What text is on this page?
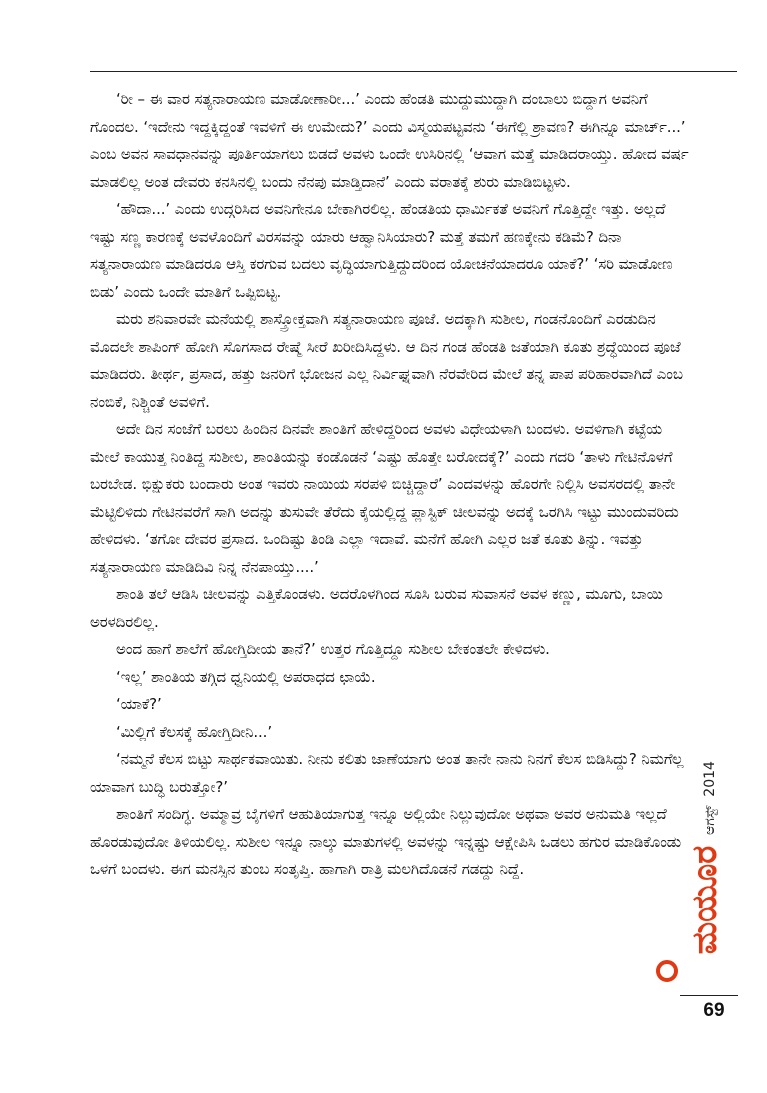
‘ರೀ – ಈ ವಾರ ಸತ್ಯನಾರಾಯಣ ಮಾಡೋಣಾರೀ...’ ಎಂದು ಹೆಂಡತಿ ಮುದ್ದುಮುದ್ದಾಗಿ ದಂಬಾಲು ಬಿದ್ದಾಗ ಅವನಿಗೆ ಗೊಂದಲ. ‘ಇದೇನು ಇದ್ದಕ್ಕಿದ್ದಂತೆ ಇವಳಿಗೆ ಈ ಉಮೇದು?’ ಎಂದು ವಿಸ್ಮಯಪಟ್ಟವನು ‘ಈಗೆಲ್ಲಿ ಶ್ರಾವಣ? ಈಗಿನ್ನೂ ಮಾರ್ಚ್...’ ಎಂಬ ಅವನ ಸಾವಧಾನವನ್ನು ಪೂರ್ತಿಯಾಗಲು ಬಿಡದೆ ಅವಳು ಒಂದೇ ಉಸಿರಿನಲ್ಲಿ ‘ಆವಾಗ ಮತ್ತೆ ಮಾಡಿದರಾಯ್ತು. ಹೋದ ವರ್ಷ ಮಾಡಲಿಲ್ಲ ಅಂತ ದೇವರು ಕನಸಿನಲ್ಲಿ ಬಂದು ನೆನಪು ಮಾಡ್ತಿದಾನೆ’ ಎಂದು ವರಾತಕ್ಕೆ ಶುರು ಮಾಡಿಬಿಟ್ಟಳು.

‘ಹೌದಾ...’ ಎಂದು ಉದ್ಗರಿಸಿದ ಅವನಿಗೇನೂ ಬೇಕಾಗಿರಲಿಲ್ಲ. ಹೆಂಡತಿಯ ಧಾರ್ಮಿಕತೆ ಅವನಿಗೆ ಗೊತ್ತಿದ್ದೇ ಇತ್ತು. ಅಲ್ಲದೆ ಇಷ್ಟು ಸಣ್ಣ ಕಾರಣಕ್ಕೆ ಅವಳೊಂದಿಗೆ ವಿರಸವನ್ನು ಯಾರು ಆಹ್ವಾನಿಸಿಯಾರು? ಮತ್ತೆ ತಮಗೆ ಹಣಕ್ಕೇನು ಕಡಿಮೆ? ದಿನಾ ಸತ್ಯನಾರಾಯಣ ಮಾಡಿದರೂ ಆಸ್ತಿ ಕರಗುವ ಬದಲು ವೃದ್ಧಿಯಾಗುತ್ತಿದ್ದುದರಿಂದ ಯೋಚನೆಯಾದರೂ ಯಾಕೆ?’ ‘ಸರಿ ಮಾಡೋಣ ಬಿಡು’ ಎಂದು ಒಂದೇ ಮಾತಿಗೆ ಒಪ್ಪಿಬಿಟ್ಟ.

ಮರು ಶನಿವಾರವೇ ಮನೆಯಲ್ಲಿ ಶಾಸ್ತ್ರೋಕ್ತವಾಗಿ ಸತ್ಯನಾರಾಯಣ ಪೂಜೆ. ಅದಕ್ಕಾಗಿ ಸುಶೀಲ, ಗಂಡನೊಂದಿಗೆ ಎರಡುದಿನ ಮೊದಲೇ ಶಾಪಿಂಗ್ ಹೋಗಿ ಸೊಗಸಾದ ರೇಷ್ಮೆ ಸೀರೆ ಖರೀದಿಸಿದ್ದಳು. ಆ ದಿನ ಗಂಡ ಹೆಂಡತಿ ಜತೆಯಾಗಿ ಕೂತು ಶ್ರದ್ಧೆಯಿಂದ ಪೂಜೆ ಮಾಡಿದರು. ತೀರ್ಥ, ಪ್ರಸಾದ, ಹತ್ತು ಜನರಿಗೆ ಭೋಜನ ಎಲ್ಲ ನಿರ್ವಿಘ್ನವಾಗಿ ನೆರವೇರಿದ ಮೇಲೆ ತನ್ನ ಪಾಪ ಪರಿಹಾರವಾಗಿದೆ ಎಂಬ ನಂಬಿಕೆ, ನಿಶ್ಚಿಂತೆ ಅವಳಿಗೆ.

ಅದೇ ದಿನ ಸಂಜೆಗೆ ಬರಲು ಹಿಂದಿನ ದಿನವೇ ಶಾಂತಿಗೆ ಹೇಳಿದ್ದರಿಂದ ಅವಳು ವಿಧೇಯಳಾಗಿ ಬಂದಳು. ಅವಳಿಗಾಗಿ ಕಟ್ಟೆಯ ಮೇಲೆ ಕಾಯುತ್ತ ನಿಂತಿದ್ದ ಸುಶೀಲ, ಶಾಂತಿಯನ್ನು ಕಂಡೊಡನೆ ‘ಎಷ್ಟು ಹೊತ್ತೇ ಬರೋದಕ್ಕೆ?’ ಎಂದು ಗದರಿ ‘ತಾಳು ಗೇಟಿನೊಳಗೆ ಬರಬೇಡ. ಭಿಕ್ಷುಕರು ಬಂದಾರು ಅಂತ ಇವರು ನಾಯಿಯ ಸರಪಳಿ ಬಿಚ್ಚಿದ್ದಾರೆ’ ಎಂದವಳನ್ನು ಹೊರಗೇ ನಿಲ್ಲಿಸಿ ಅವಸರದಲ್ಲಿ ತಾನೇ ಮೆಟ್ಟಿಲಿಳಿದು ಗೇಟಿನವರೆಗೆ ಸಾಗಿ ಅದನ್ನು ತುಸುವೇ ತೆರೆದು ಕೈಯಲ್ಲಿದ್ದ ಪ್ಲಾಸ್ಟಿಕ್ ಚೀಲವನ್ನು ಅದಕ್ಕೆ ಒರಗಿಸಿ ಇಟ್ಟು ಮುಂದುವರಿದು ಹೇಳಿದಳು. ‘ತಗೋ ದೇವರ ಪ್ರಸಾದ. ಒಂದಿಷ್ಟು ತಿಂಡಿ ಎಲ್ಲಾ ಇದಾವೆ. ಮನೆಗೆ ಹೋಗಿ ಎಲ್ಲರ ಜತೆ ಕೂತು ತಿನ್ನು. ಇವತ್ತು ಸತ್ಯನಾರಾಯಣ ಮಾಡಿದಿವಿ ನಿನ್ನ ನೆನಪಾಯ್ತು....’

ಶಾಂತಿ ತಲೆ ಆಡಿಸಿ ಚೀಲವನ್ನು ಎತ್ತಿಕೊಂಡಳು. ಅದರೊಳಗಿಂದ ಸೂಸಿ ಬರುವ ಸುವಾಸನೆ ಅವಳ ಕಣ್ಣು, ಮೂಗು, ಬಾಯಿ ಅರಳದಿರಲಿಲ್ಲ.

ಅಂದ ಹಾಗೆ ಶಾಲೆಗೆ ಹೋಗ್ತಿದೀಯ ತಾನೆ?’ ಉತ್ತರ ಗೊತ್ತಿದ್ದೂ ಸುಶೀಲ ಬೇಕಂತಲೇ ಕೇಳಿದಳು.

‘ಇಲ್ಲ’ ಶಾಂತಿಯ ತಗ್ಗಿದ ಧ್ವನಿಯಲ್ಲಿ ಅಪರಾಧದ ಛಾಯೆ.

‘ಯಾಕೆ?’

‘ಮಿಲ್ಲಿಗೆ ಕೆಲಸಕ್ಕೆ ಹೋಗ್ತಿದೀನಿ...’

‘ನಮ್ಮನೆ ಕೆಲಸ ಬಿಟ್ಟು ಸಾರ್ಥಕವಾಯಿತು. ನೀನು ಕಲಿತು ಜಾಣೆಯಾಗು ಅಂತ ತಾನೇ ನಾನು ನಿನಗೆ ಕೆಲಸ ಬಿಡಿಸಿದ್ದು? ನಿಮಗೆಲ್ಲ ಯಾವಾಗ ಬುದ್ಧಿ ಬರುತ್ತೋ?’

ಶಾಂತಿಗೆ ಸಂದಿಗ್ಧ. ಅಮ್ಮಾವ್ರ ಬೈಗಳಿಗೆ ಆಹುತಿಯಾಗುತ್ತ ಇನ್ನೂ ಅಲ್ಲಿಯೇ ನಿಲ್ಲುವುದೋ ಅಥವಾ ಅವರ ಅನುಮತಿ ಇಲ್ಲದೆ ಹೊರಡುವುದೋ ತಿಳಿಯಲಿಲ್ಲ. ಸುಶೀಲ ಇನ್ನೂ ನಾಲ್ಕು ಮಾತುಗಳಲ್ಲಿ ಅವಳನ್ನು ಇನ್ನಷ್ಟು ಆಕ್ಷೇಪಿಸಿ ಒಡಲು ಹಗುರ ಮಾಡಿಕೊಂಡು ಒಳಗೆ ಬಂದಳು. ಈಗ ಮನಸ್ಸಿನ ತುಂಬ ಸಂತೃಪ್ತಿ. ಹಾಗಾಗಿ ರಾತ್ರಿ ಮಲಗಿದೊಡನೆ ಗಡದ್ದು ನಿದ್ದೆ.

ಆಗಸ್ಟ್ 2014
ಮಯೂರ
69
